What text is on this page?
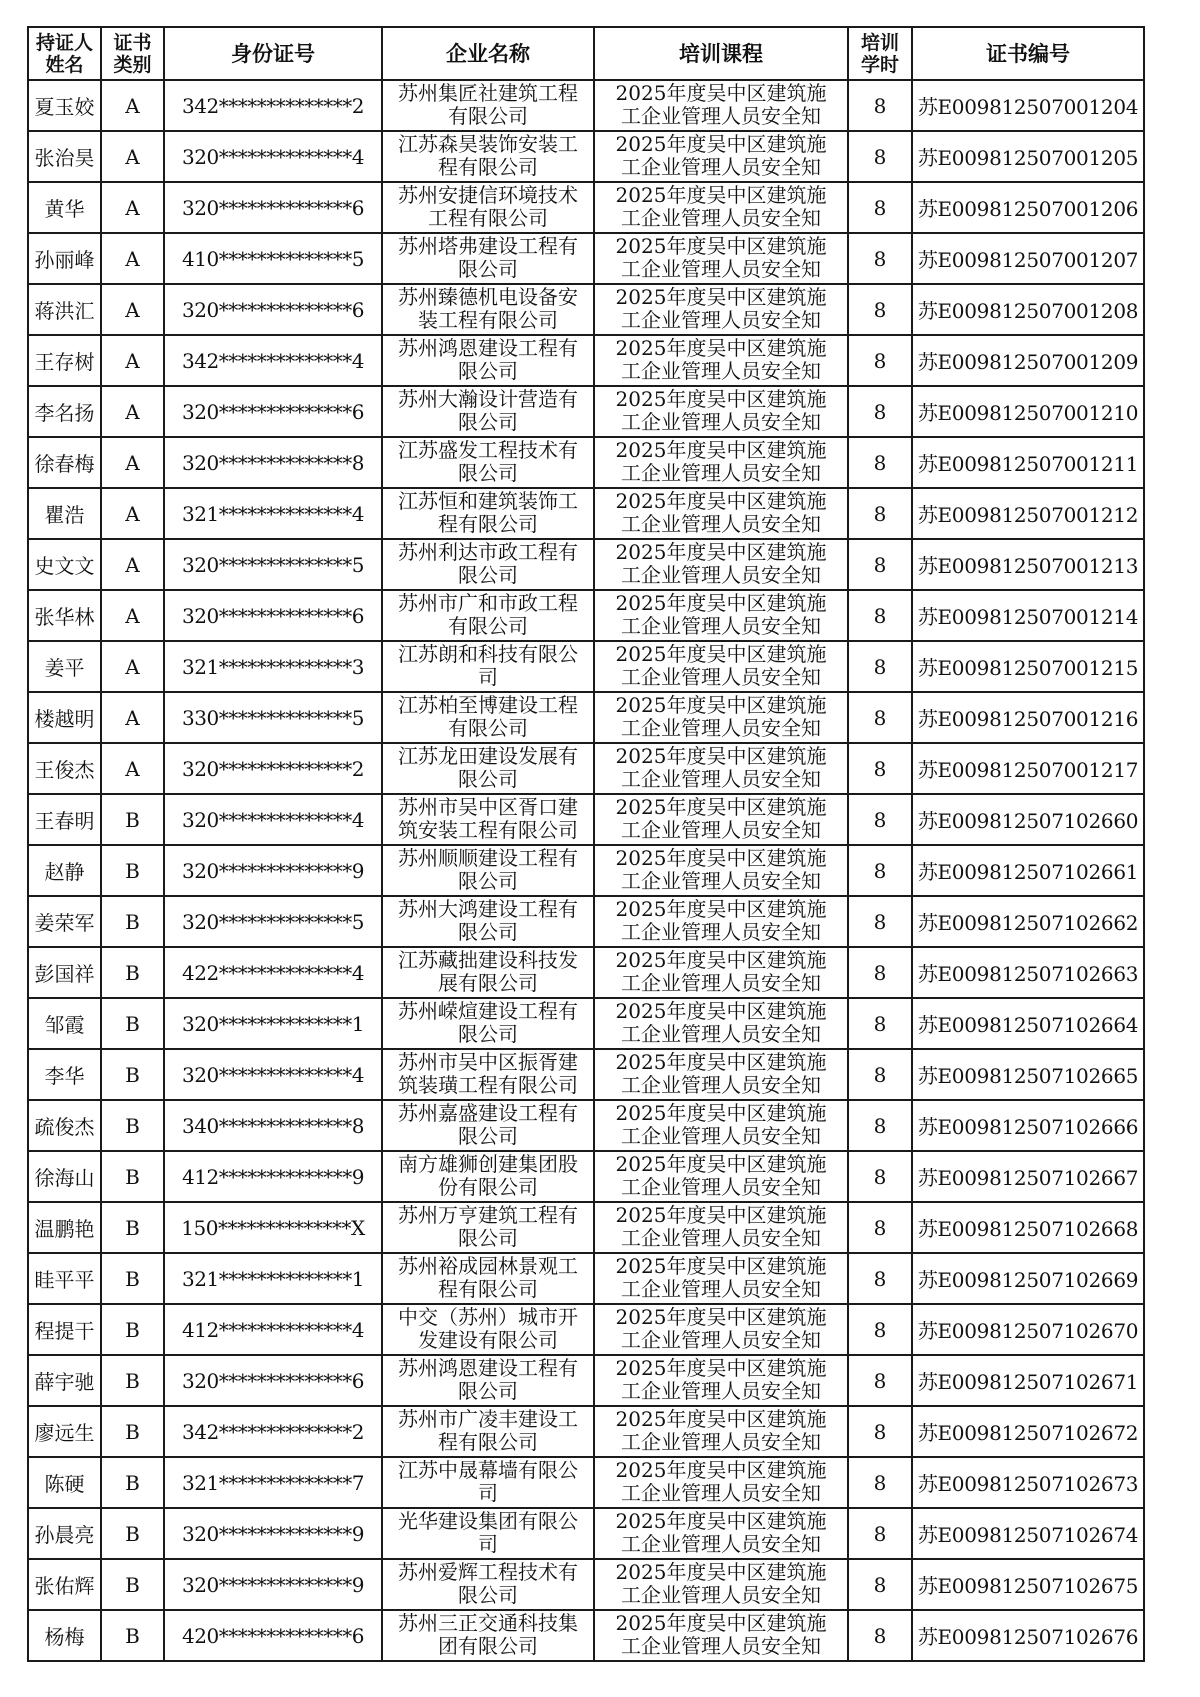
持证人
姓名	证书
类别	身份证号	企业名称	培训课程	培训
学时	证书编号
夏玉姣	A	342**************2	苏州集匠社建筑工程
有限公司	2025年度吴中区建筑施
工企业管理人员安全知	8	苏E009812507001204
张治昊	A	320**************4	江苏森昊装饰安装工
程有限公司	2025年度吴中区建筑施
工企业管理人员安全知	8	苏E009812507001205
黄华	A	320**************6	苏州安捷信环境技术
工程有限公司	2025年度吴中区建筑施
工企业管理人员安全知	8	苏E009812507001206
孙丽峰	A	410**************5	苏州塔弗建设工程有
限公司	2025年度吴中区建筑施
工企业管理人员安全知	8	苏E009812507001207
蒋洪汇	A	320**************6	苏州臻德机电设备安
装工程有限公司	2025年度吴中区建筑施
工企业管理人员安全知	8	苏E009812507001208
王存树	A	342**************4	苏州鸿恩建设工程有
限公司	2025年度吴中区建筑施
工企业管理人员安全知	8	苏E009812507001209
李名扬	A	320**************6	苏州大瀚设计营造有
限公司	2025年度吴中区建筑施
工企业管理人员安全知	8	苏E009812507001210
徐春梅	A	320**************8	江苏盛发工程技术有
限公司	2025年度吴中区建筑施
工企业管理人员安全知	8	苏E009812507001211
瞿浩	A	321**************4	江苏恒和建筑装饰工
程有限公司	2025年度吴中区建筑施
工企业管理人员安全知	8	苏E009812507001212
史文文	A	320**************5	苏州利达市政工程有
限公司	2025年度吴中区建筑施
工企业管理人员安全知	8	苏E009812507001213
张华林	A	320**************6	苏州市广和市政工程
有限公司	2025年度吴中区建筑施
工企业管理人员安全知	8	苏E009812507001214
姜平	A	321**************3	江苏朗和科技有限公
司	2025年度吴中区建筑施
工企业管理人员安全知	8	苏E009812507001215
楼越明	A	330**************5	江苏柏至博建设工程
有限公司	2025年度吴中区建筑施
工企业管理人员安全知	8	苏E009812507001216
王俊杰	A	320**************2	江苏龙田建设发展有
限公司	2025年度吴中区建筑施
工企业管理人员安全知	8	苏E009812507001217
王春明	B	320**************4	苏州市吴中区胥口建
筑安装工程有限公司	2025年度吴中区建筑施
工企业管理人员安全知	8	苏E009812507102660
赵静	B	320**************9	苏州顺顺建设工程有
限公司	2025年度吴中区建筑施
工企业管理人员安全知	8	苏E009812507102661
姜荣军	B	320**************5	苏州大鸿建设工程有
限公司	2025年度吴中区建筑施
工企业管理人员安全知	8	苏E009812507102662
彭国祥	B	422**************4	江苏藏拙建设科技发
展有限公司	2025年度吴中区建筑施
工企业管理人员安全知	8	苏E009812507102663
邹霞	B	320**************1	苏州嵘煊建设工程有
限公司	2025年度吴中区建筑施
工企业管理人员安全知	8	苏E009812507102664
李华	B	320**************4	苏州市吴中区振胥建
筑装璜工程有限公司	2025年度吴中区建筑施
工企业管理人员安全知	8	苏E009812507102665
疏俊杰	B	340**************8	苏州嘉盛建设工程有
限公司	2025年度吴中区建筑施
工企业管理人员安全知	8	苏E009812507102666
徐海山	B	412**************9	南方雄狮创建集团股
份有限公司	2025年度吴中区建筑施
工企业管理人员安全知	8	苏E009812507102667
温鹏艳	B	150**************X	苏州万亨建筑工程有
限公司	2025年度吴中区建筑施
工企业管理人员安全知	8	苏E009812507102668
眭平平	B	321**************1	苏州裕成园林景观工
程有限公司	2025年度吴中区建筑施
工企业管理人员安全知	8	苏E009812507102669
程提干	B	412**************4	中交（苏州）城市开
发建设有限公司	2025年度吴中区建筑施
工企业管理人员安全知	8	苏E009812507102670
薛宇驰	B	320**************6	苏州鸿恩建设工程有
限公司	2025年度吴中区建筑施
工企业管理人员安全知	8	苏E009812507102671
廖远生	B	342**************2	苏州市广凌丰建设工
程有限公司	2025年度吴中区建筑施
工企业管理人员安全知	8	苏E009812507102672
陈硬	B	321**************7	江苏中晟幕墙有限公
司	2025年度吴中区建筑施
工企业管理人员安全知	8	苏E009812507102673
孙晨亮	B	320**************9	光华建设集团有限公
司	2025年度吴中区建筑施
工企业管理人员安全知	8	苏E009812507102674
张佑辉	B	320**************9	苏州爱辉工程技术有
限公司	2025年度吴中区建筑施
工企业管理人员安全知	8	苏E009812507102675
杨梅	B	420**************6	苏州三正交通科技集
团有限公司	2025年度吴中区建筑施
工企业管理人员安全知	8	苏E009812507102676
